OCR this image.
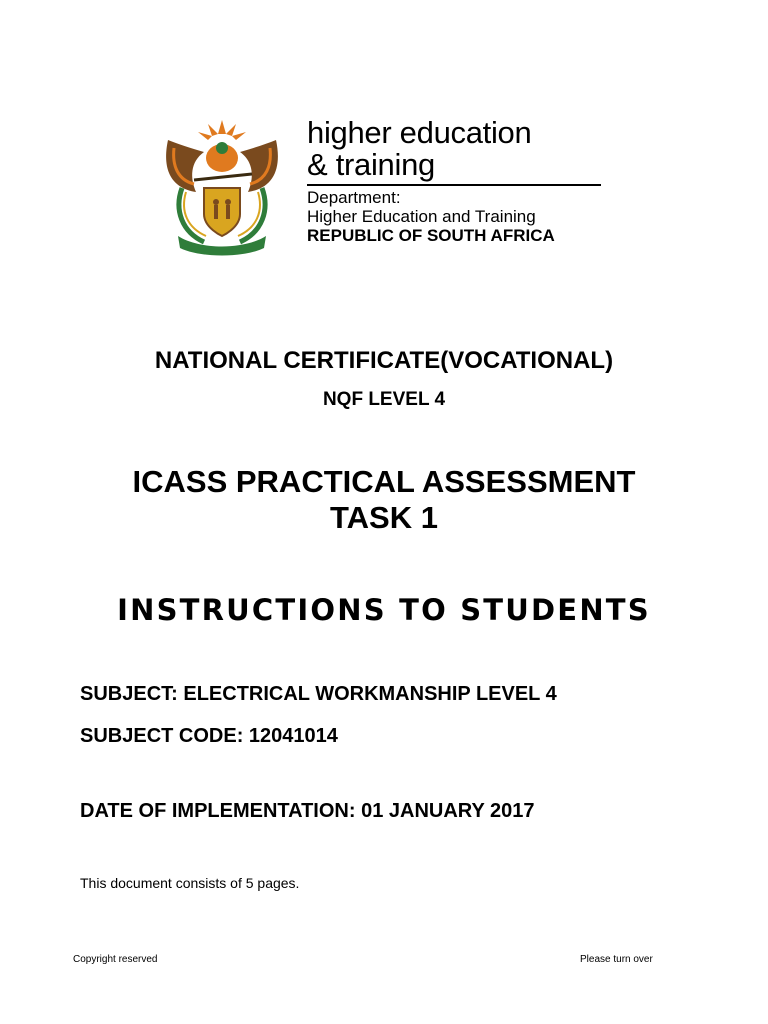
higher education
& training
Department:
Higher Education and Training
REPUBLIC OF SOUTH AFRICA
NATIONAL CERTIFICATE(VOCATIONAL)
NQF LEVEL 4
ICASS PRACTICAL ASSESSMENT
TASK 1
INSTRUCTIONS TO STUDENTS
SUBJECT: ELECTRICAL WORKMANSHIP LEVEL 4
SUBJECT CODE: 12041014
DATE OF IMPLEMENTATION: 01 JANUARY 2017
This document consists of 5 pages.
Copyright reserved	Please turn over
